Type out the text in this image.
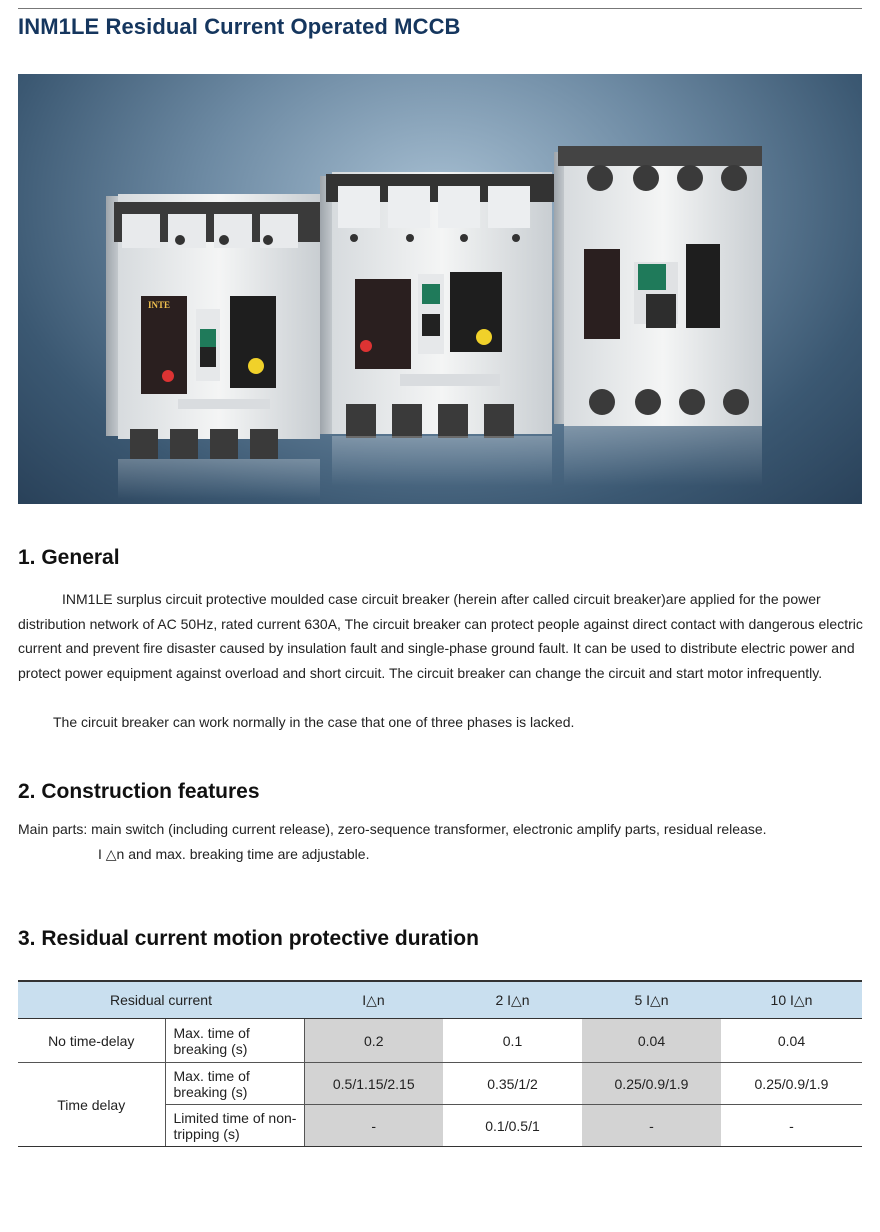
INM1LE Residual Current Operated MCCB
INTE
1. General

INM1LE surplus circuit protective moulded case circuit breaker (herein after called circuit breaker)are applied for the power distribution network of AC 50Hz, rated current 630A, The circuit breaker can protect people against direct contact with dangerous electric current and prevent fire disaster caused by insulation fault and single-phase ground fault. It can be used to distribute electric power and protect power equipment against overload and short circuit. The circuit breaker can change the circuit and start motor infrequently.

The circuit breaker can work normally in the case that one of three phases is lacked.

2. Construction features

Main parts: main switch (including current release), zero-sequence transformer, electronic amplify parts, residual release.

I △n and max. breaking time are adjustable.

3. Residual current motion protective duration
Residual current		I△n	2 I△n	5 I△n	10 I△n
No time-delay	Max. time of breaking (s)	0.2	0.1	0.04	0.04
Time delay	Max. time of breaking (s)	0.5/1.15/2.15	0.35/1/2	0.25/0.9/1.9	0.25/0.9/1.9
	Limited time of non-tripping (s)	-	0.1/0.5/1	-	-
